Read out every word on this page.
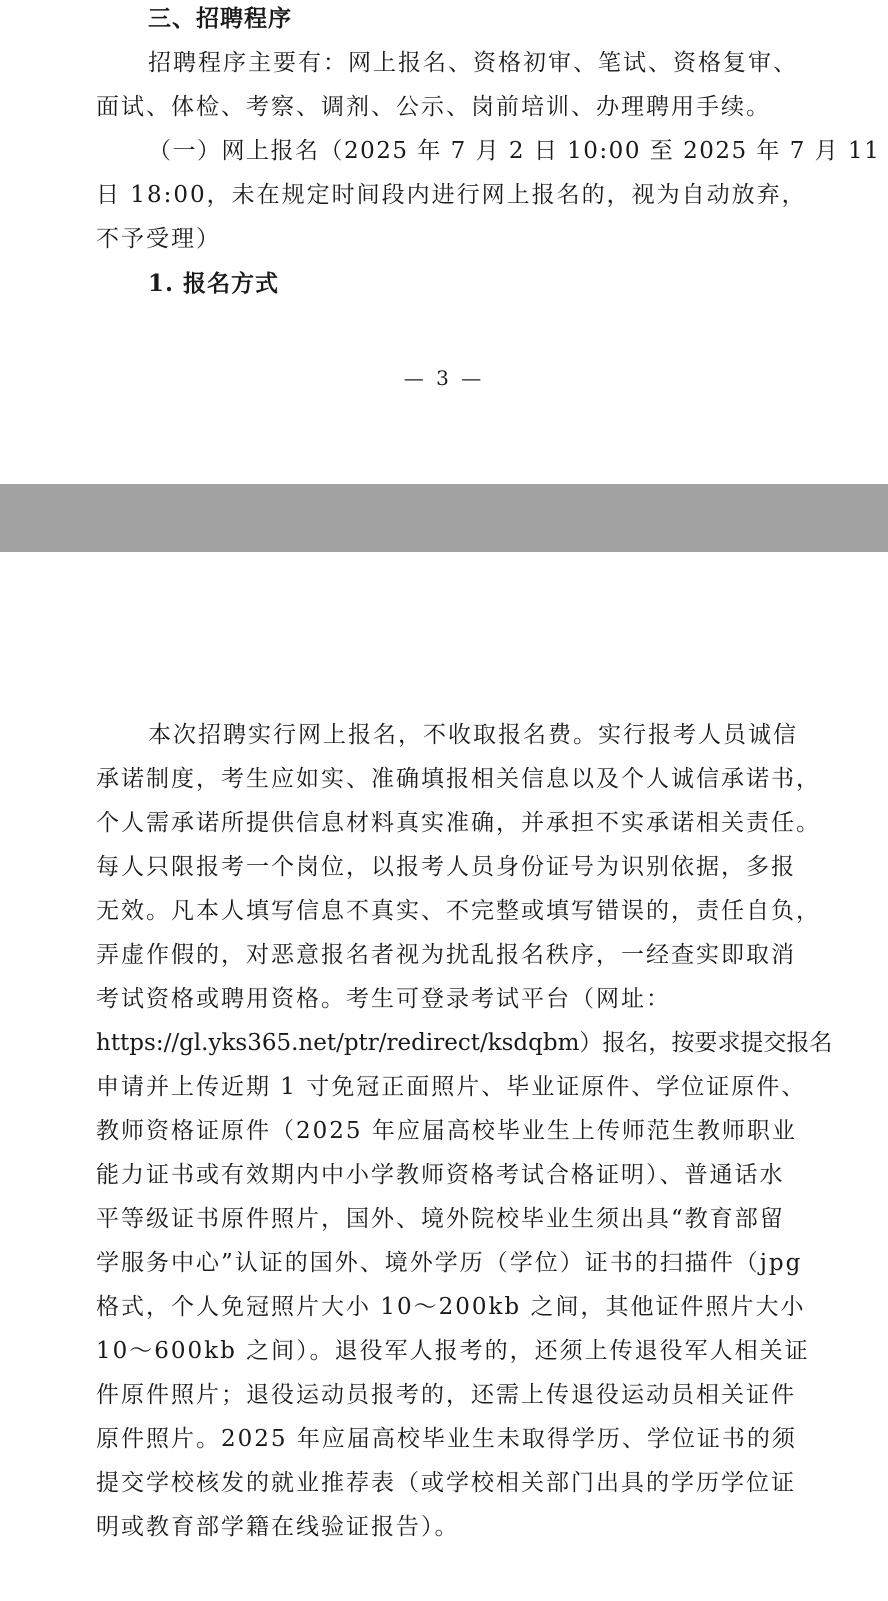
三、招聘程序
招聘程序主要有：网上报名、资格初审、笔试、资格复审、
面试、体检、考察、调剂、公示、岗前培训、办理聘用手续。
（一）网上报名（2025 年 7 月 2 日 10:00 至 2025 年 7 月 11
日 18:00，未在规定时间段内进行网上报名的，视为自动放弃，
不予受理）
1. 报名方式
— 3 —
本次招聘实行网上报名，不收取报名费。实行报考人员诚信
承诺制度，考生应如实、准确填报相关信息以及个人诚信承诺书，
个人需承诺所提供信息材料真实准确，并承担不实承诺相关责任。
每人只限报考一个岗位，以报考人员身份证号为识别依据，多报
无效。凡本人填写信息不真实、不完整或填写错误的，责任自负，
弄虚作假的，对恶意报名者视为扰乱报名秩序，一经查实即取消
考试资格或聘用资格。考生可登录考试平台（网址：
https://gl.yks365.net/ptr/redirect/ksdqbm）报名，按要求提交报名
申请并上传近期 1 寸免冠正面照片、毕业证原件、学位证原件、
教师资格证原件（2025 年应届高校毕业生上传师范生教师职业
能力证书或有效期内中小学教师资格考试合格证明）、普通话水
平等级证书原件照片，国外、境外院校毕业生须出具“教育部留
学服务中心”认证的国外、境外学历（学位）证书的扫描件（jpg
格式，个人免冠照片大小 10～200kb 之间，其他证件照片大小
10～600kb 之间）。退役军人报考的，还须上传退役军人相关证
件原件照片；退役运动员报考的，还需上传退役运动员相关证件
原件照片。2025 年应届高校毕业生未取得学历、学位证书的须
提交学校核发的就业推荐表（或学校相关部门出具的学历学位证
明或教育部学籍在线验证报告）。
